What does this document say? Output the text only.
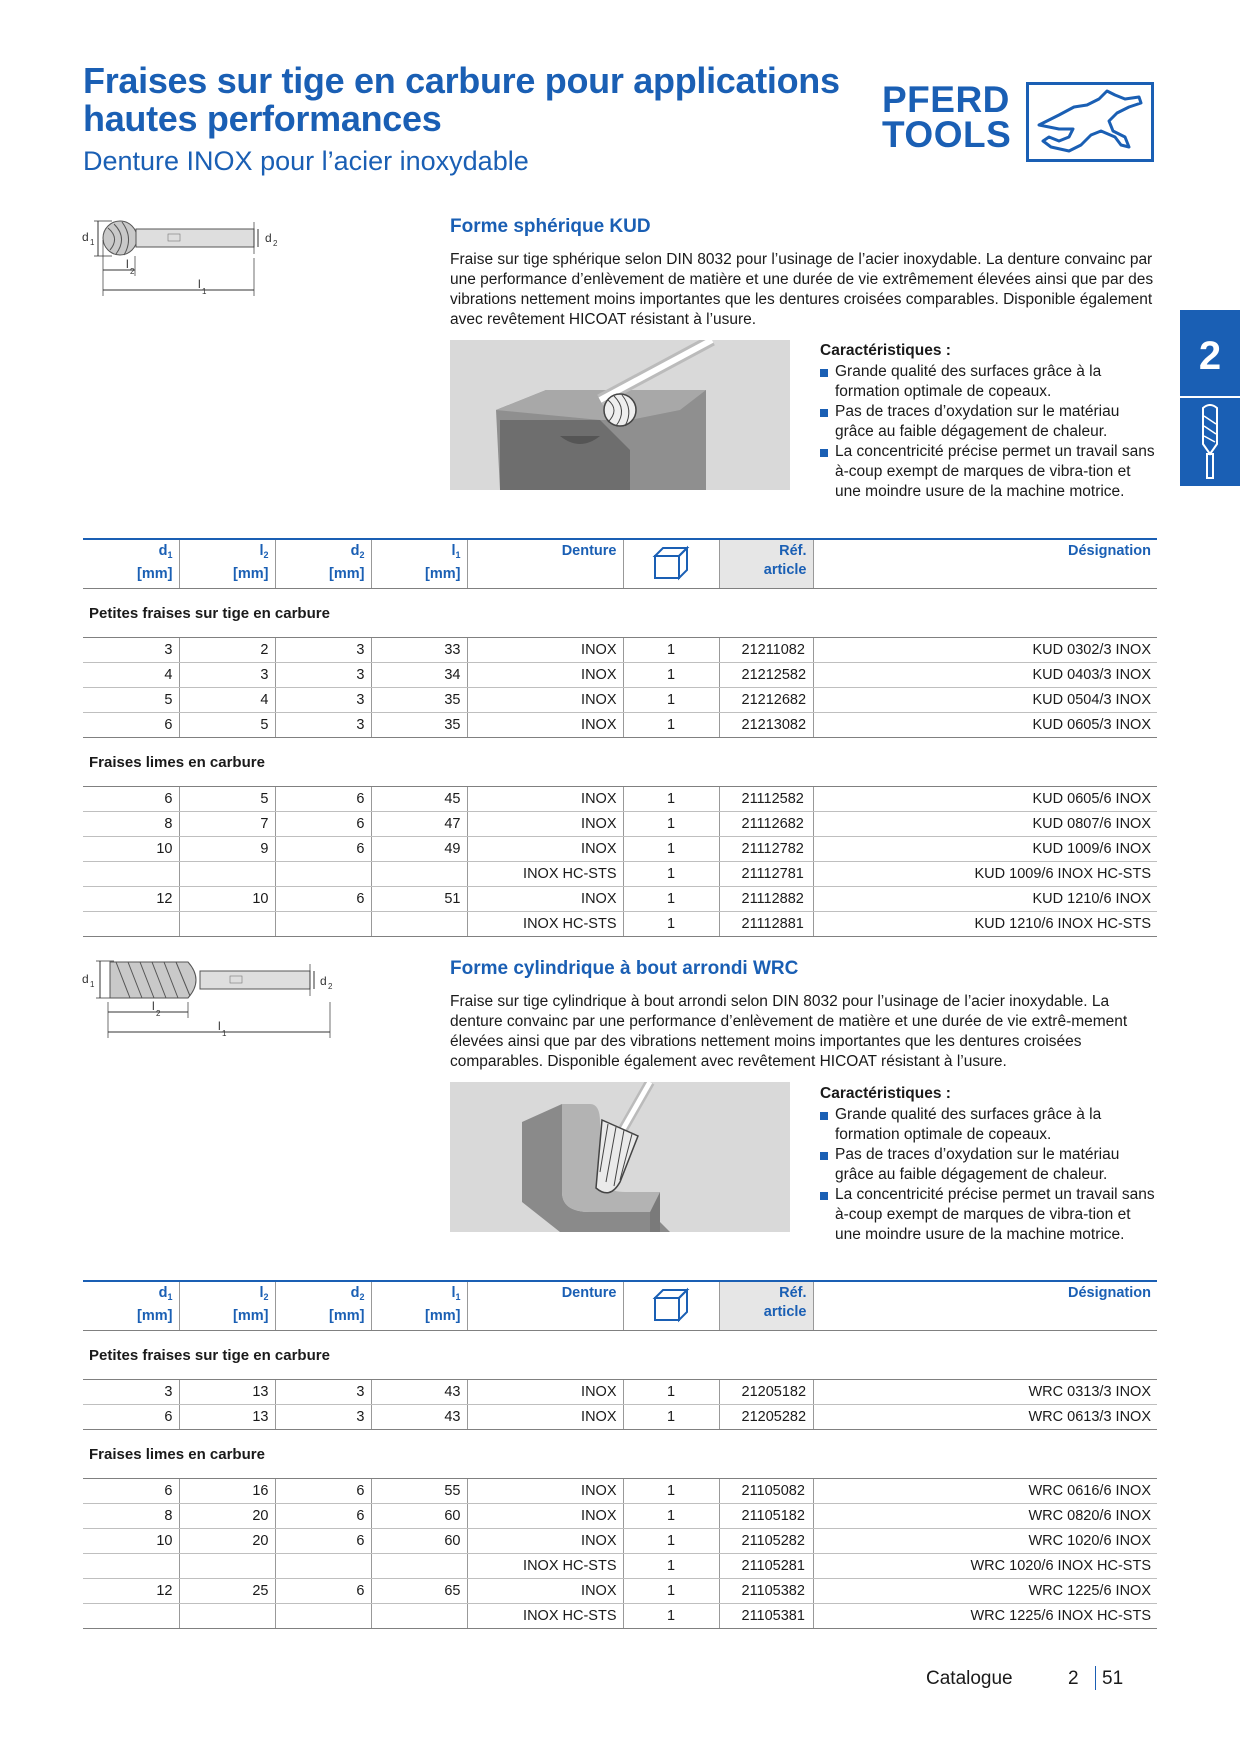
Fraises sur tige en carbure pour applications hautes performances
Denture INOX pour l’acier inoxydable
PFERD
TOOLS
2
d 1	d 2
l
2
l
1
Forme sphérique KUD
Fraise sur tige sphérique selon DIN 8032 pour l’usinage de l’acier inoxydable. La denture convainc par une performance d’enlèvement de matière et une durée de vie extrêmement élevées ainsi que par des vibrations nettement moins importantes que les dentures croisées comparables. Disponible également avec revêtement HICOAT résistant à l’usure.
Caractéristiques :
Grande qualité des surfaces grâce à la formation optimale de copeaux.
Pas de traces d’oxydation sur le matériau grâce au faible dégagement de chaleur.
La concentricité précise permet un travail sans à-coup exempt de marques de vibra-tion et une moindre usure de la machine motrice.
$d_1$
[mm]	$l_2$
[mm]	$d_2$
[mm]	$l_1$
[mm]	Denture		Réf.
article	Désignation
Petites fraises sur tige en carbure							
3	2	3	33	INOX	1	21211082	KUD 0302/3 INOX
4	3	3	34	INOX	1	21212582	KUD 0403/3 INOX
5	4	3	35	INOX	1	21212682	KUD 0504/3 INOX
6	5	3	35	INOX	1	21213082	KUD 0605/3 INOX
Fraises limes en carbure							
6	5	6	45	INOX	1	21112582	KUD 0605/6 INOX
8	7	6	47	INOX	1	21112682	KUD 0807/6 INOX
10	9	6	49	INOX	1	21112782	KUD 1009/6 INOX
				INOX HC-STS	1	21112781	KUD 1009/6 INOX HC-STS
12	10	6	51	INOX	1	21112882	KUD 1210/6 INOX
				INOX HC-STS	1	21112881	KUD 1210/6 INOX HC-STS
d 1	d 2
l
2
l
1
Forme cylindrique à bout arrondi WRC
Fraise sur tige cylindrique à bout arrondi selon DIN 8032 pour l’usinage de l’acier inoxydable. La denture convainc par une performance d’enlèvement de matière et une durée de vie extrê-mement élevées ainsi que par des vibrations nettement moins importantes que les dentures croisées comparables. Disponible également avec revêtement HICOAT résistant à l’usure.
Caractéristiques :
Grande qualité des surfaces grâce à la formation optimale de copeaux.
Pas de traces d’oxydation sur le matériau grâce au faible dégagement de chaleur.
La concentricité précise permet un travail sans à-coup exempt de marques de vibra-tion et une moindre usure de la machine motrice.
$d_1$
[mm]	$l_2$
[mm]	$d_2$
[mm]	$l_1$
[mm]	Denture		Réf.
article	Désignation
Petites fraises sur tige en carbure							
3	13	3	43	INOX	1	21205182	WRC 0313/3 INOX
6	13	3	43	INOX	1	21205282	WRC 0613/3 INOX
Fraises limes en carbure							
6	16	6	55	INOX	1	21105082	WRC 0616/6 INOX
8	20	6	60	INOX	1	21105182	WRC 0820/6 INOX
10	20	6	60	INOX	1	21105282	WRC 1020/6 INOX
				INOX HC-STS	1	21105281	WRC 1020/6 INOX HC-STS
12	25	6	65	INOX	1	21105382	WRC 1225/6 INOX
				INOX HC-STS	1	21105381	WRC 1225/6 INOX HC-STS
Catalogue	2 51
